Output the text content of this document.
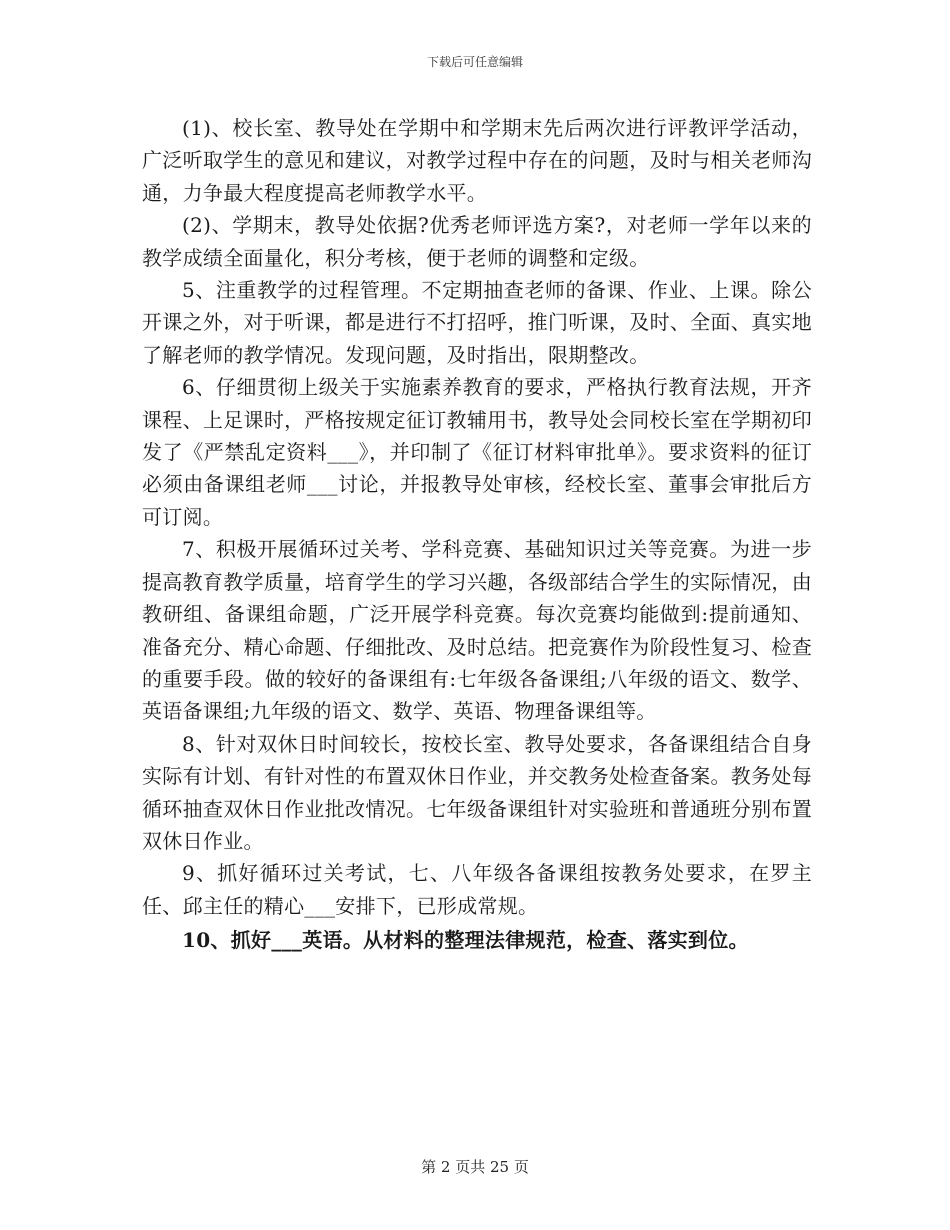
下载后可任意编辑

(1)、校长室、教导处在学期中和学期末先后两次进行评教评学活动，广泛听取学生的意见和建议，对教学过程中存在的问题，及时与相关老师沟通，力争最大程度提高老师教学水平。

(2)、学期末，教导处依据?优秀老师评选方案?，对老师一学年以来的教学成绩全面量化，积分考核，便于老师的调整和定级。

5、注重教学的过程管理。不定期抽查老师的备课、作业、上课。除公开课之外，对于听课，都是进行不打招呼，推门听课，及时、全面、真实地了解老师的教学情况。发现问题，及时指出，限期整改。

6、仔细贯彻上级关于实施素养教育的要求，严格执行教育法规，开齐课程、上足课时，严格按规定征订教辅用书，教导处会同校长室在学期初印发了《严禁乱定资料___》，并印制了《征订材料审批单》。要求资料的征订必须由备课组老师___讨论，并报教导处审核，经校长室、董事会审批后方可订阅。

7、积极开展循环过关考、学科竞赛、基础知识过关等竞赛。为进一步提高教育教学质量，培育学生的学习兴趣，各级部结合学生的实际情况，由教研组、备课组命题，广泛开展学科竞赛。每次竞赛均能做到:提前通知、准备充分、精心命题、仔细批改、及时总结。把竞赛作为阶段性复习、检查的重要手段。做的较好的备课组有:七年级各备课组;八年级的语文、数学、英语备课组;九年级的语文、数学、英语、物理备课组等。

8、针对双休日时间较长，按校长室、教导处要求，各备课组结合自身实际有计划、有针对性的布置双休日作业，并交教务处检查备案。教务处每循环抽查双休日作业批改情况。七年级备课组针对实验班和普通班分别布置双休日作业。

9、抓好循环过关考试，七、八年级各备课组按教务处要求，在罗主任、邱主任的精心___安排下，已形成常规。

10、抓好___英语。从材料的整理法律规范，检查、落实到位。

第 2 页共 25 页
